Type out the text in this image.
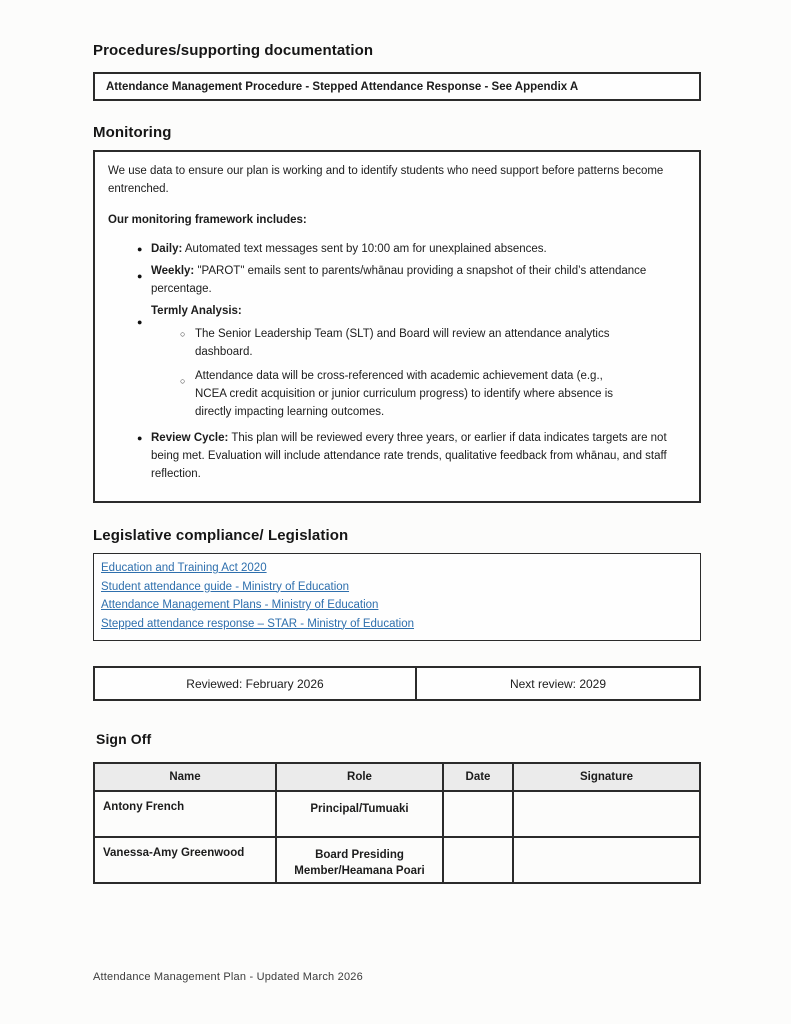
Procedures/supporting documentation
Attendance Management Procedure - Stepped Attendance Response - See Appendix A
Monitoring
We use data to ensure our plan is working and to identify students who need support before patterns become entrenched.
Our monitoring framework includes:
● Daily: Automated text messages sent by 10:00 am for unexplained absences.
● Weekly: "PAROT" emails sent to parents/whānau providing a snapshot of their child’s attendance percentage.
●
Termly Analysis:
○ The Senior Leadership Team (SLT) and Board will review an attendance analytics dashboard.
○ Attendance data will be cross-referenced with academic achievement data (e.g., NCEA credit acquisition or junior curriculum progress) to identify where absence is directly impacting learning outcomes.
● Review Cycle: This plan will be reviewed every three years, or earlier if data indicates targets are not being met. Evaluation will include attendance rate trends, qualitative feedback from whānau, and staff reflection.
Legislative compliance/ Legislation
Education and Training Act 2020
Student attendance guide - Ministry of Education
Attendance Management Plans - Ministry of Education
Stepped attendance response – STAR - Ministry of Education
Reviewed: February 2026	Next review: 2029
Sign Off
Name	Role	Date	Signature
Antony French	Principal/Tumuaki		
Vanessa-Amy Greenwood	Board Presiding Member/Heamana Poari		
Attendance Management Plan - Updated March 2026
